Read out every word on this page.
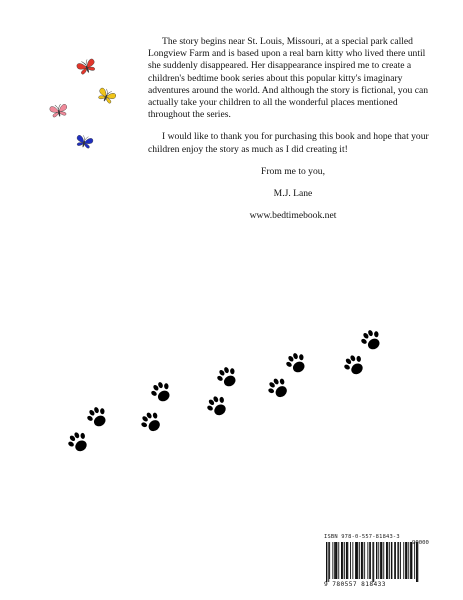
The story begins near St. Louis, Missouri, at a special park called Longview Farm and is based upon a real barn kitty who lived there until she suddenly disappeared. Her disappearance inspired me to create a children's bedtime book series about this popular kitty's imaginary adventures around the world. And although the story is fictional, you can actually take your children to all the wonderful places mentioned throughout the series.

I would like to thank you for purchasing this book and hope that your children enjoy the story as much as I did creating it!

From me to you,

M.J. Lane

www.bedtimebook.net

ISBN 978-0-557-81843-3
90000
9 780557 818433
